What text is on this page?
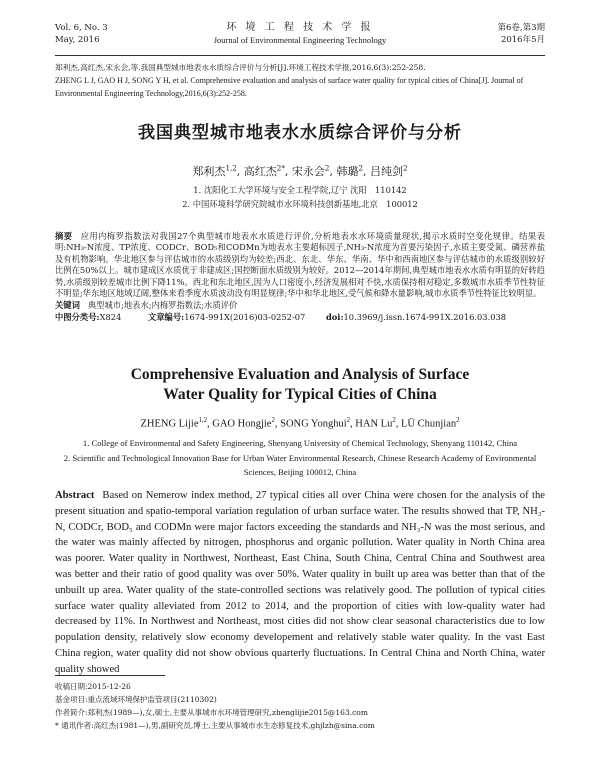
Vol. 6, No. 3
May, 2016
环 境 工 程 技 术 学 报
Journal of Environmental Engineering Technology
第6卷,第3期
2016年5月
郑利杰,高红杰,宋永会,等.我国典型城市地表水水质综合评价与分析[J].环境工程技术学报,2016,6(3):252-258.
ZHENG L J, GAO H J, SONG Y H, et al. Comprehensive evaluation and analysis of surface water quality for typical cities of China[J]. Journal of Environmental Engineering Technology,2016,6(3):252-258.
我国典型城市地表水水质综合评价与分析
郑利杰$^{1,2}$, 高红杰$^{2*}$, 宋永会$^2$, 韩璐$^2$, 吕纯剑$^2$
1. 沈阳化工大学环境与安全工程学院,辽宁 沈阳　110142
2. 中国环境科学研究院城市水环境科技创新基地,北京　100012
摘要 应用内梅罗指数法对我国27个典型城市地表水水质进行评价,分析地表水水环境质量现状,揭示水质时空变化规律。结果表明:NH₃-N浓度、TP浓度、CODCr、BOD₅和CODMn为地表水主要超标因子,NH₃-N浓度为首要污染因子,水质主要受氮、磷营养盐及有机物影响。华北地区参与评估城市的水质级别均为较差;西北、东北、华东、华南、华中和西南地区参与评估城市的水质级别较好比例在50%以上。城市建成区水质优于非建成区;国控断面水质级别为较好。2012—2014年期间,典型城市地表水水质有明显的好转趋势,水质级别较差城市比例下降11%。西北和东北地区,因为人口密度小,经济发展相对不快,水质保持相对稳定,多数城市水质季节性特征不明显;华东地区地域辽阔,整体来看季度水质波动没有明显规律;华中和华北地区,受气候和降水量影响,城市水质季节性特征比较明显。
关键词 典型城市;地表水;内梅罗指数法;水质评价
中图分类号:X824	文章编号:1674-991X(2016)03-0252-07 doi:10.3969/j.issn.1674-991X.2016.03.038
Comprehensive Evaluation and Analysis of Surface
Water Quality for Typical Cities of China
ZHENG Lijie$^{1,2}$, GAO Hongjie$^2$, SONG Yonghui$^2$, HAN Lu$^2$, LÜ Chunjian$^2$
1. College of Environmental and Safety Engineering, Shenyang University of Chemical Technology, Shenyang 110142, China
2. Scientific and Technological Innovation Base for Urban Water Environmental Research, Chinese Research Academy of Environmental Sciences, Beijing 100012, China
Abstract Based on Nemerow index method, 27 typical cities all over China were chosen for the analysis of the present situation and spatio-temporal variation regulation of urban surface water. The results showed that TP, NH₃-N, CODCr, BOD₅ and CODMn were major factors exceeding the standards and NH₃-N was the most serious, and the water was mainly affected by nitrogen, phosphorus and organic pollution. Water quality in North China area was poorer. Water quality in Northwest, Northeast, East China, South China, Central China and Southwest area was better and their ratio of good quality was over 50%. Water quality in built up area was better than that of the unbuilt up area. Water quality of the state-controlled sections was relatively good. The pollution of typical cities surface water quality alleviated from 2012 to 2014, and the proportion of cities with low-quality water had decreased by 11%. In Northwest and Northeast, most cities did not show clear seasonal characteristics due to low population density, relatively slow economy developement and relatively stable water quality. In the vast East China region, water quality did not show obvious quarterly fluctuations. In Central China and North China, water quality showed
收稿日期:2015-12-26
基金项目:重点流域环境保护监管项目(2110302)
作者简介:郑利杰(1989—),女,硕士,主要从事城市水环境管理研究,zhenglijie2015@163.com
* 通讯作者:高红杰(1981—),男,副研究员,博士,主要从事城市水生态修复技术,ghjlzh@sina.com
